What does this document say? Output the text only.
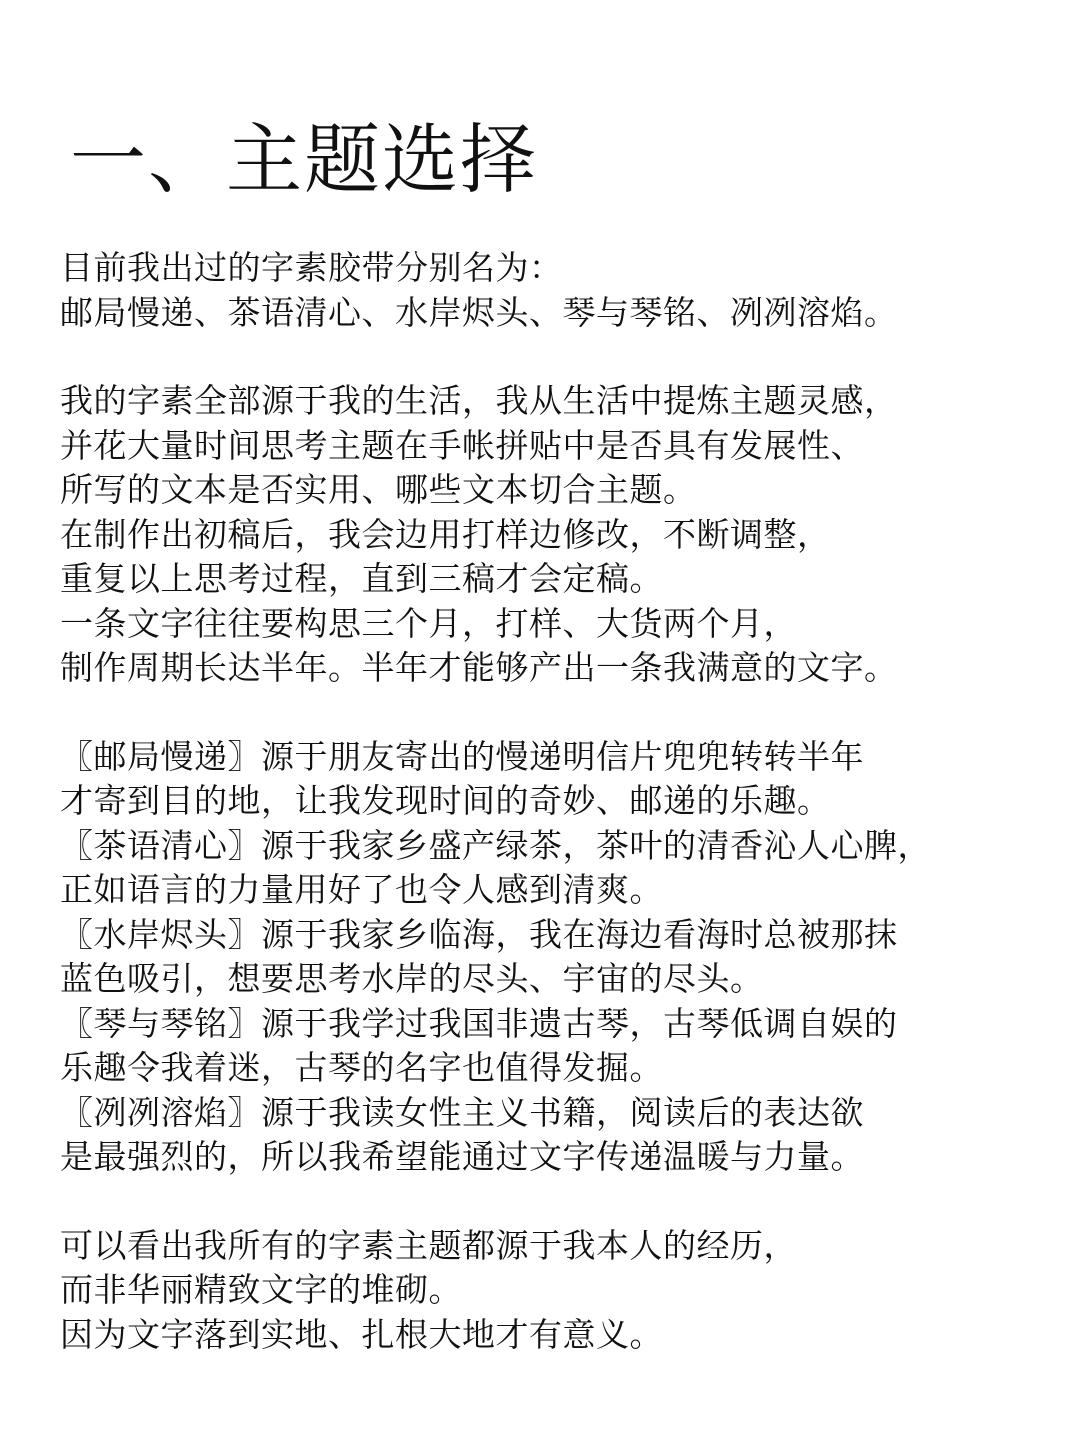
一、主题选择

目前我出过的字素胶带分别名为：
邮局慢递、茶语清心、水岸烬头、琴与琴铭、冽冽溶焰。

我的字素全部源于我的生活，我从生活中提炼主题灵感，
并花大量时间思考主题在手帐拼贴中是否具有发展性、
所写的文本是否实用、哪些文本切合主题。
在制作出初稿后，我会边用打样边修改，不断调整，
重复以上思考过程，直到三稿才会定稿。
一条文字往往要构思三个月，打样、大货两个月，
制作周期长达半年。半年才能够产出一条我满意的文字。

〖邮局慢递〗源于朋友寄出的慢递明信片兜兜转转半年
才寄到目的地，让我发现时间的奇妙、邮递的乐趣。
〖茶语清心〗源于我家乡盛产绿茶，茶叶的清香沁人心脾，
正如语言的力量用好了也令人感到清爽。
〖水岸烬头〗源于我家乡临海，我在海边看海时总被那抹
蓝色吸引，想要思考水岸的尽头、宇宙的尽头。
〖琴与琴铭〗源于我学过我国非遗古琴，古琴低调自娱的
乐趣令我着迷，古琴的名字也值得发掘。
〖冽冽溶焰〗源于我读女性主义书籍，阅读后的表达欲
是最强烈的，所以我希望能通过文字传递温暖与力量。

可以看出我所有的字素主题都源于我本人的经历，
而非华丽精致文字的堆砌。
因为文字落到实地、扎根大地才有意义。
